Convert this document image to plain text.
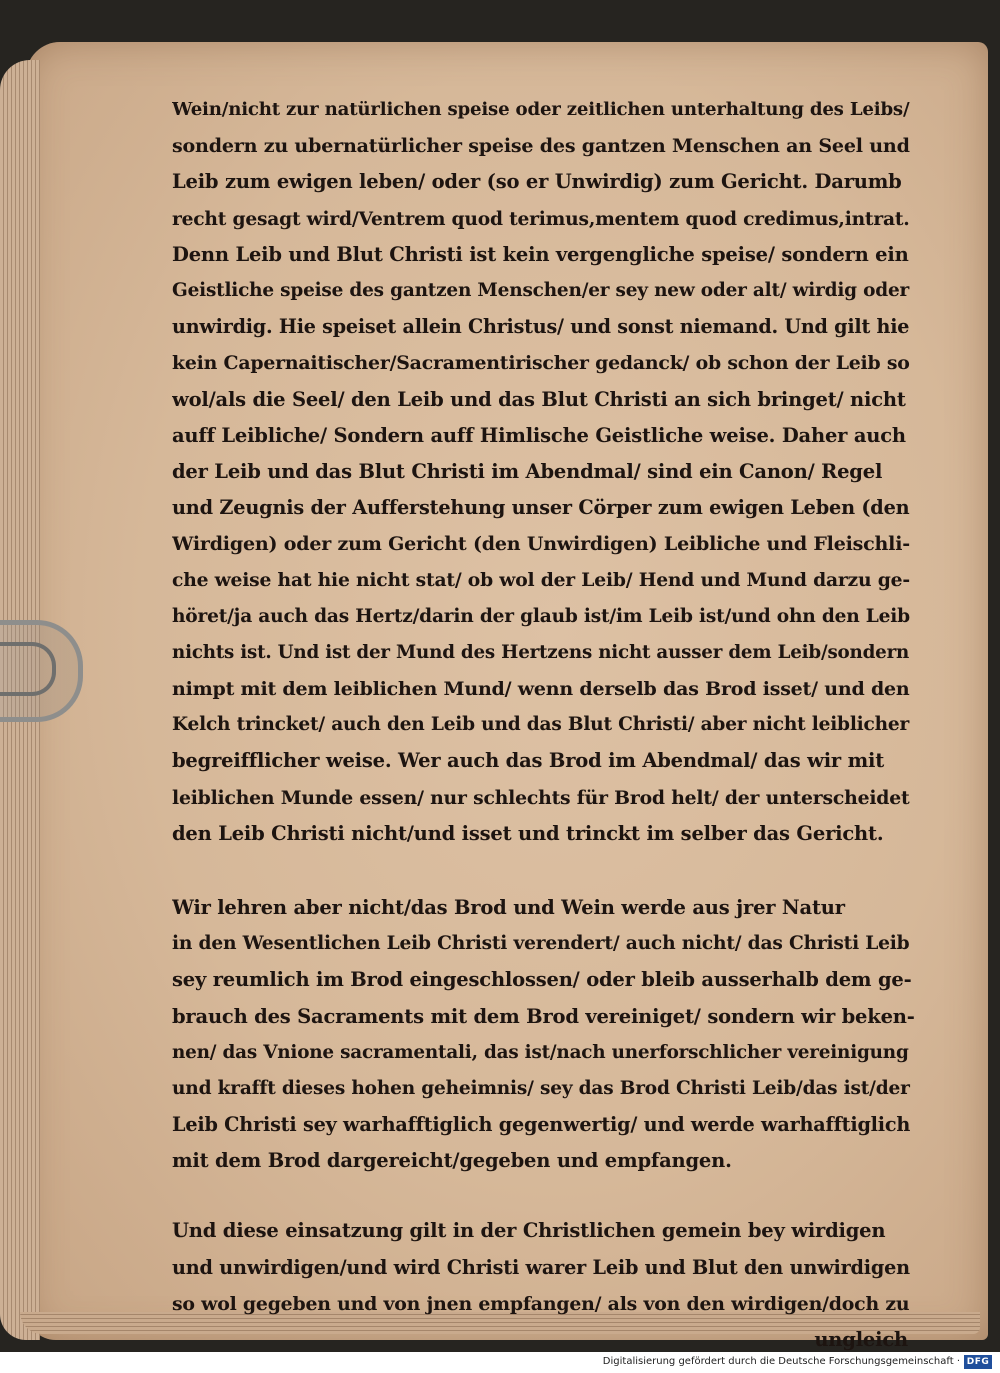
Wein/nicht zur natürlichen speise oder zeitlichen unterhaltung des Leibs/
sondern zu ubernatürlicher speise des gantzen Menschen an Seel und
Leib zum ewigen leben/ oder (so er Unwirdig) zum Gericht. Darumb
recht gesagt wird/Ventrem quod terimus,mentem quod credimus,intrat.
Denn Leib und Blut Christi ist kein vergengliche speise/ sondern ein
Geistliche speise des gantzen Menschen/er sey new oder alt/ wirdig oder
unwirdig. Hie speiset allein Christus/ und sonst niemand. Und gilt hie
kein Capernaitischer/Sacramentirischer gedanck/ ob schon der Leib so
wol/als die Seel/ den Leib und das Blut Christi an sich bringet/ nicht
auff Leibliche/ Sondern auff Himlische Geistliche weise. Daher auch
der Leib und das Blut Christi im Abendmal/ sind ein Canon/ Regel
und Zeugnis der Aufferstehung unser Cörper zum ewigen Leben (den
Wirdigen) oder zum Gericht (den Unwirdigen) Leibliche und Fleischli-
che weise hat hie nicht stat/ ob wol der Leib/ Hend und Mund darzu ge-
höret/ja auch das Hertz/darin der glaub ist/im Leib ist/und ohn den Leib
nichts ist. Und ist der Mund des Hertzens nicht ausser dem Leib/sondern
nimpt mit dem leiblichen Mund/ wenn derselb das Brod isset/ und den
Kelch trincket/ auch den Leib und das Blut Christi/ aber nicht leiblicher
begreifflicher weise. Wer auch das Brod im Abendmal/ das wir mit
leiblichen Munde essen/ nur schlechts für Brod helt/ der unterscheidet
den Leib Christi nicht/und isset und trinckt im selber das Gericht.
Wir lehren aber nicht/das Brod und Wein werde aus jrer Natur
in den Wesentlichen Leib Christi verendert/ auch nicht/ das Christi Leib
sey reumlich im Brod eingeschlossen/ oder bleib ausserhalb dem ge-
brauch des Sacraments mit dem Brod vereiniget/ sondern wir beken-
nen/ das Vnione sacramentali, das ist/nach unerforschlicher vereinigung
und krafft dieses hohen geheimnis/ sey das Brod Christi Leib/das ist/der
Leib Christi sey warhafftiglich gegenwertig/ und werde warhafftiglich
mit dem Brod dargereicht/gegeben und empfangen.
Und diese einsatzung gilt in der Christlichen gemein bey wirdigen
und unwirdigen/und wird Christi warer Leib und Blut den unwirdigen
so wol gegeben und von jnen empfangen/ als von den wirdigen/doch zu
ungleich
Digitalisierung gefördert durch die Deutsche Forschungsgemeinschaft · DFG
